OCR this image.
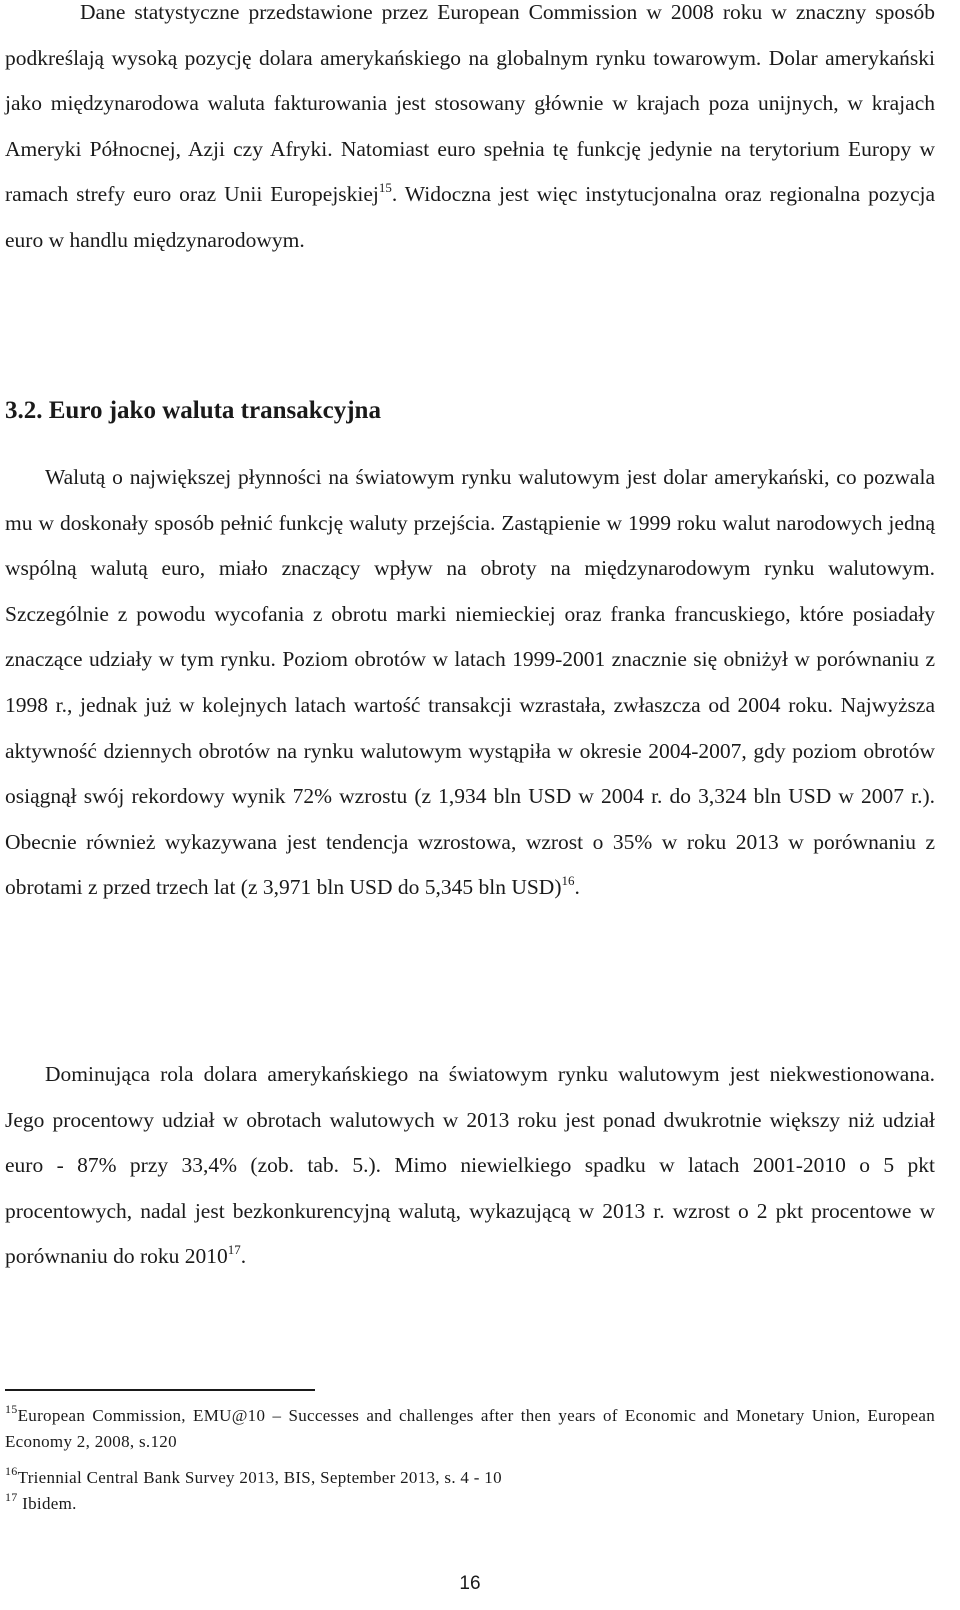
Dane statystyczne przedstawione przez European Commission w 2008 roku w znaczny sposób podkreślają wysoką pozycję dolara amerykańskiego na globalnym rynku towarowym. Dolar amerykański jako międzynarodowa waluta fakturowania jest stosowany głównie w krajach poza unijnych, w krajach Ameryki Północnej, Azji czy Afryki. Natomiast euro spełnia tę funkcję jedynie na terytorium Europy w ramach strefy euro oraz Unii Europejskiej$^{15}$. Widoczna jest więc instytucjonalna oraz regionalna pozycja euro w handlu międzynarodowym.

3.2. Euro jako waluta transakcyjna

Walutą o największej płynności na światowym rynku walutowym jest dolar amerykański, co pozwala mu w doskonały sposób pełnić funkcję waluty przejścia. Zastąpienie w 1999 roku walut narodowych jedną wspólną walutą euro, miało znaczący wpływ na obroty na międzynarodowym rynku walutowym. Szczególnie z powodu wycofania z obrotu marki niemieckiej oraz franka francuskiego, które posiadały znaczące udziały w tym rynku. Poziom obrotów w latach 1999-2001 znacznie się obniżył w porównaniu z 1998 r., jednak już w kolejnych latach wartość transakcji wzrastała, zwłaszcza od 2004 roku. Najwyższa aktywność dziennych obrotów na rynku walutowym wystąpiła w okresie 2004-2007, gdy poziom obrotów osiągnął swój rekordowy wynik 72% wzrostu (z 1,934 bln USD w 2004 r. do 3,324 bln USD w 2007 r.). Obecnie również wykazywana jest tendencja wzrostowa, wzrost o 35% w roku 2013 w porównaniu z obrotami z przed trzech lat (z 3,971 bln USD do 5,345 bln USD)$^{16}$.

Dominująca rola dolara amerykańskiego na światowym rynku walutowym jest niekwestionowana. Jego procentowy udział w obrotach walutowych w 2013 roku jest ponad dwukrotnie większy niż udział euro - 87% przy 33,4% (zob. tab. 5.). Mimo niewielkiego spadku w latach 2001-2010 o 5 pkt procentowych, nadal jest bezkonkurencyjną walutą, wykazującą w 2013 r. wzrost o 2 pkt procentowe w porównaniu do roku 2010$^{17}$.

$^{15}$European Commission, EMU@10 – Successes and challenges after then years of Economic and Monetary Union, European Economy 2, 2008, s.120

$^{16}$Triennial Central Bank Survey 2013, BIS, September 2013, s. 4 - 10

$^{17}$ Ibidem.

16
